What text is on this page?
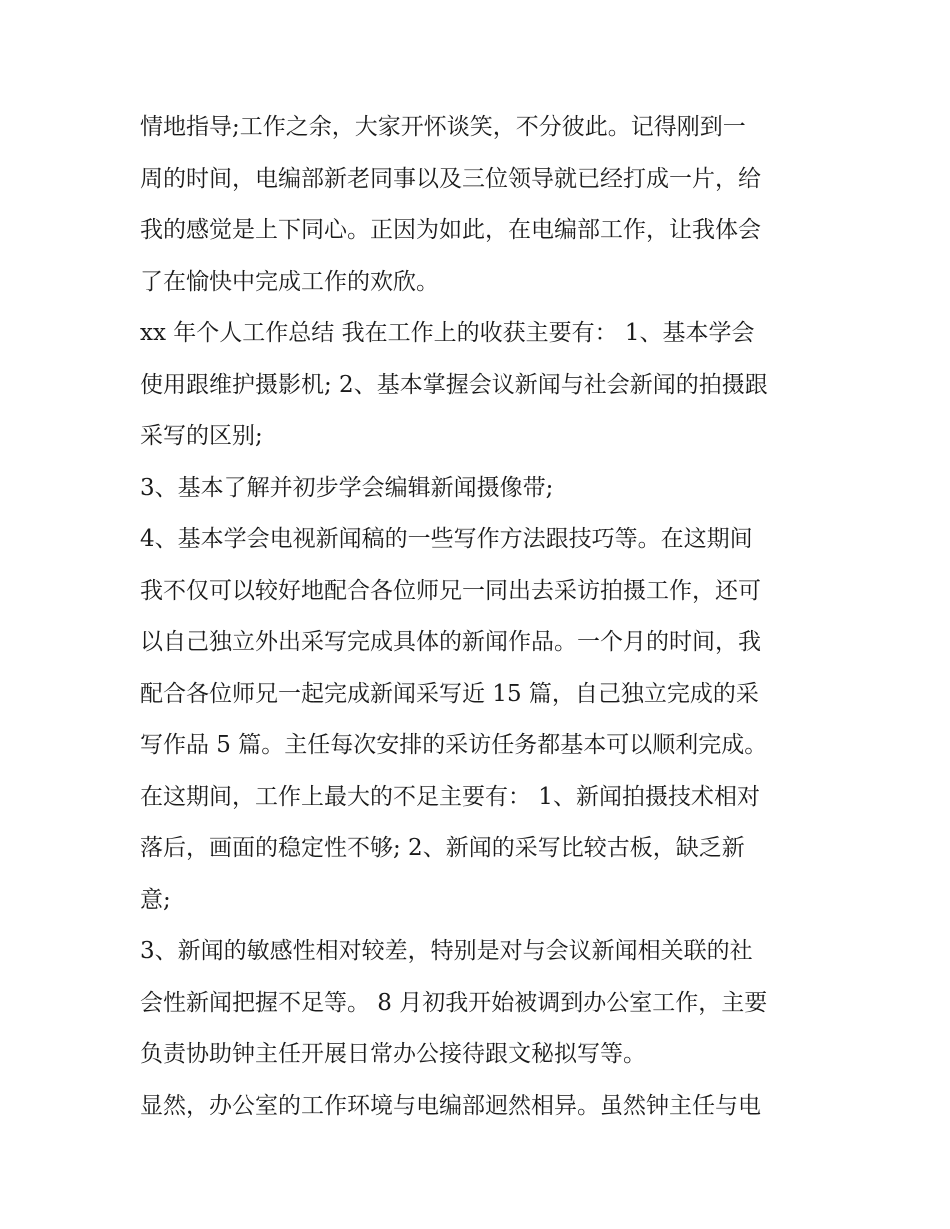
情地指导;工作之余，大家开怀谈笑，不分彼此。记得刚到一

周的时间，电编部新老同事以及三位领导就已经打成一片，给

我的感觉是上下同心。正因为如此，在电编部工作，让我体会

了在愉快中完成工作的欢欣。

xx 年个人工作总结 我在工作上的收获主要有： 1、基本学会

使用跟维护摄影机; 2、基本掌握会议新闻与社会新闻的拍摄跟

采写的区别;

3、基本了解并初步学会编辑新闻摄像带;

4、基本学会电视新闻稿的一些写作方法跟技巧等。在这期间

我不仅可以较好地配合各位师兄一同出去采访拍摄工作，还可

以自己独立外出采写完成具体的新闻作品。一个月的时间，我

配合各位师兄一起完成新闻采写近 15 篇，自己独立完成的采

写作品 5 篇。主任每次安排的采访任务都基本可以顺利完成。

在这期间，工作上最大的不足主要有： 1、新闻拍摄技术相对

落后，画面的稳定性不够; 2、新闻的采写比较古板，缺乏新

意;

3、新闻的敏感性相对较差，特别是对与会议新闻相关联的社

会性新闻把握不足等。 8 月初我开始被调到办公室工作，主要

负责协助钟主任开展日常办公接待跟文秘拟写等。

显然，办公室的工作环境与电编部迥然相异。虽然钟主任与电
